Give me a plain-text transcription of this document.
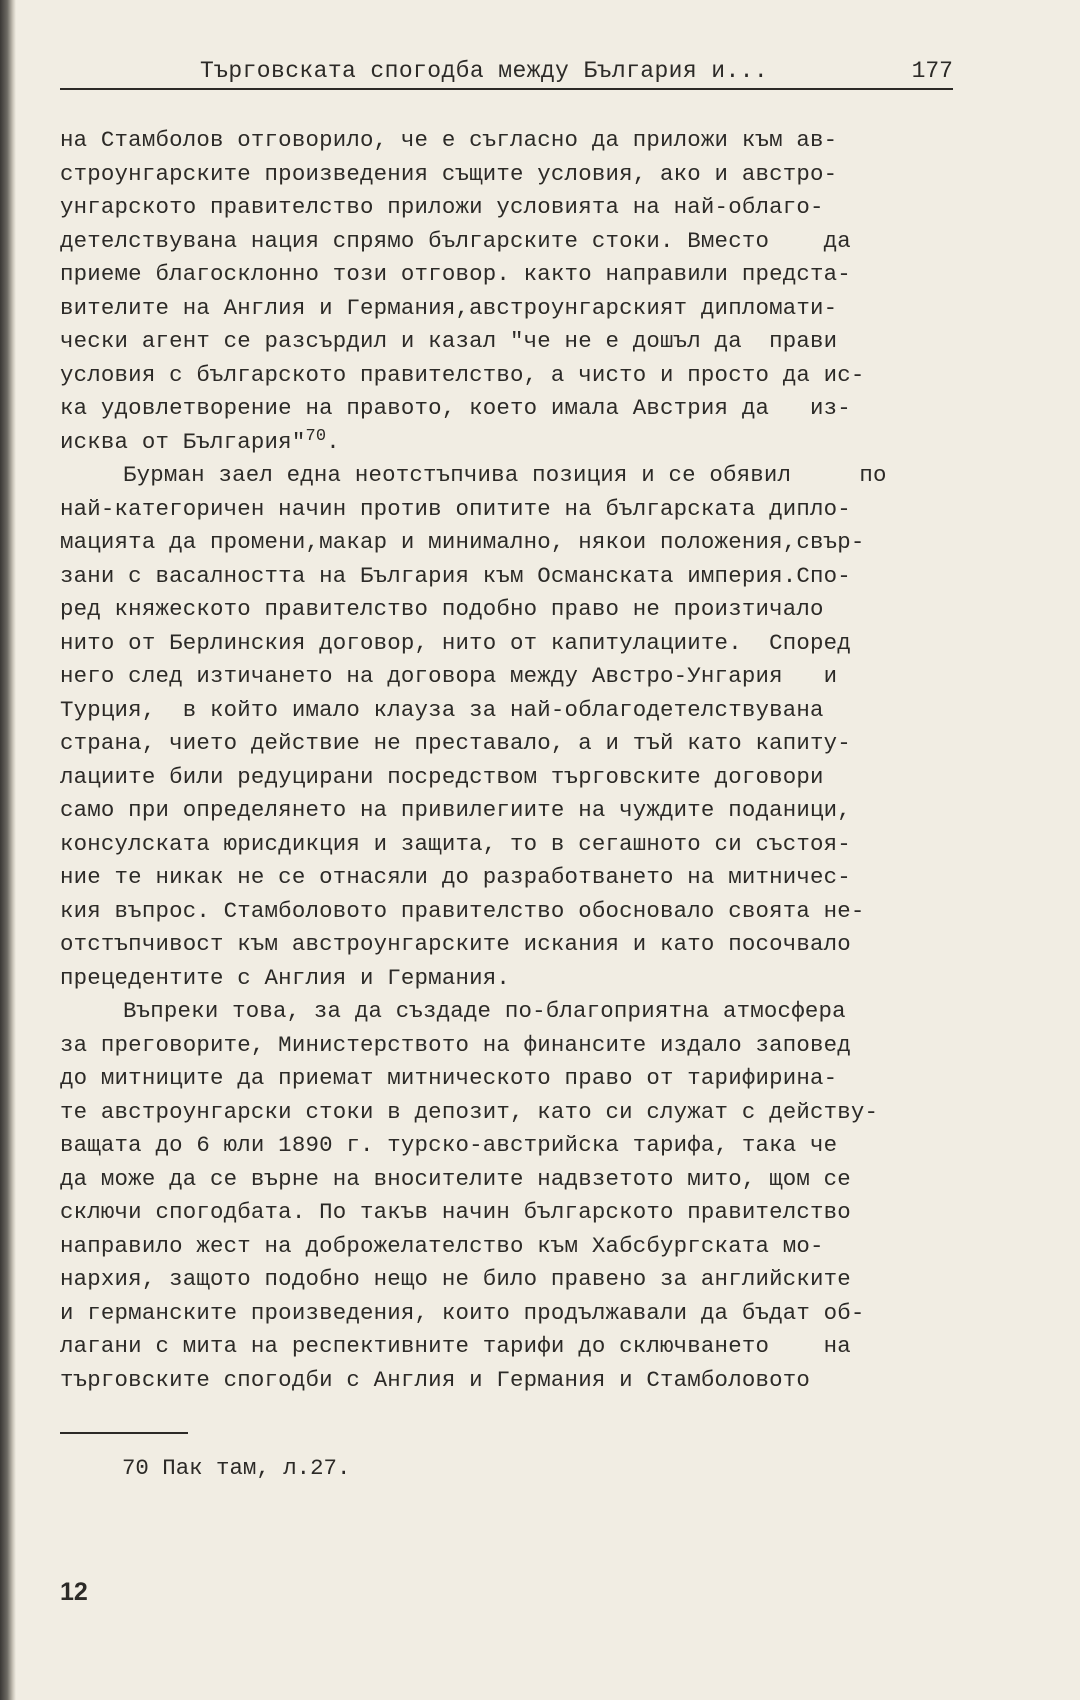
Търговската спогодба между България и...	177
на Стамболов отговорило, че е съгласно да приложи към ав-
строунгарските произведения същите условия, ако и австро-
унгарското правителство приложи условията на най-облаго-
детелствувана нация спрямо българските стоки. Вместо    да
приеме благосклонно този отговор. както направили предста-
вителите на Англия и Германия,австроунгарският дипломати-
чески агент се разсърдил и казал "че не е дошъл да  прави
условия с българското правителство, а чисто и просто да ис-
ка удовлетворение на правото, което имала Австрия да   из-
исква от България"$^{70}$.
Бурман заел една неотстъпчива позиция и се обявил     по
най-категоричен начин против опитите на българската дипло-
мацията да промени,макар и минимално, някои положения,свър-
зани с васалността на България към Османската империя.Спо-
ред княжеското правителство подобно право не произтичало
нито от Берлинския договор, нито от капитулациите.  Според
него след изтичането на договора между Австро-Унгария   и
Турция,  в който имало клауза за най-облагодетелствувана
страна, чието действие не преставало, а и тъй като капиту-
лациите били редуцирани посредством търговските договори
само при определянето на привилегиите на чуждите поданици,
консулската юрисдикция и защита, то в сегашното си състоя-
ние те никак не се отнасяли до разработването на митничес-
кия въпрос. Стамболовото правителство обосновало своята не-
отстъпчивост към австроунгарските искания и като посочвало
прецедентите с Англия и Германия.
Въпреки това, за да създаде по-благоприятна атмосфера
за преговорите, Министерството на финансите издало заповед
до митниците да приемат митническото право от тарифирина-
те австроунгарски стоки в депозит, като си служат с действу-
ващата до 6 юли 1890 г. турско-австрийска тарифа, така че
да може да се върне на вносителите надвзетото мито, щом се
сключи спогодбата. По такъв начин българското правителство
направило жест на доброжелателство към Хабсбургската мо-
нархия, защото подобно нещо не било правено за английските
и германските произведения, които продължавали да бъдат об-
лагани с мита на респективните тарифи до сключването    на
търговските спогодби с Англия и Германия и Стамболовото
70 Пак там, л.27.
12
